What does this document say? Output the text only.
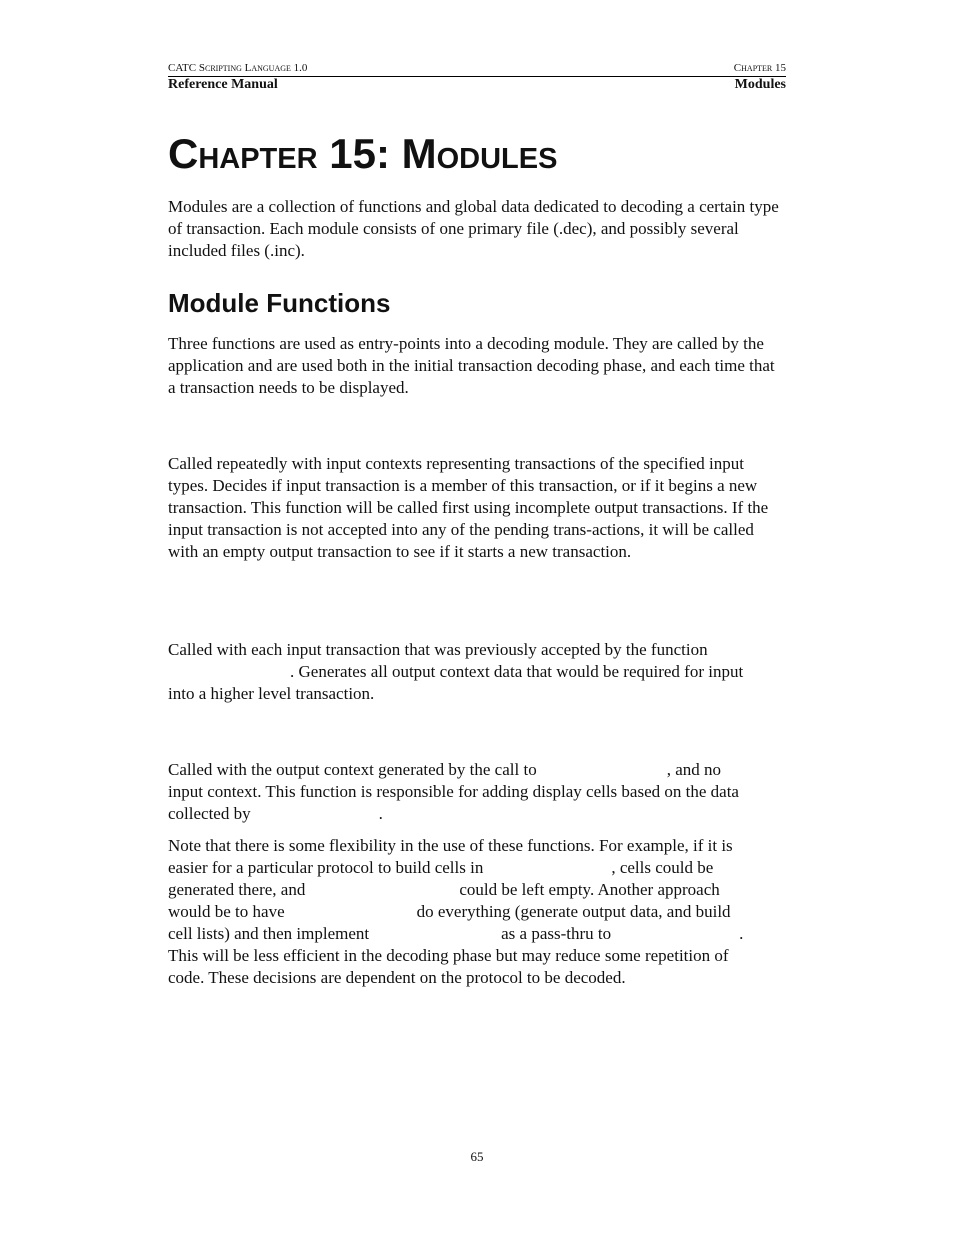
CATC Scripting Language 1.0	Chapter 15
Reference Manual	Modules
Chapter 15: Modules

Modules are a collection of functions and global data dedicated to decoding a certain type of transaction. Each module consists of one primary file (.dec), and possibly several included files (.inc).

Module Functions

Three functions are used as entry-points into a decoding module. They are called by the application and are used both in the initial transaction decoding phase, and each time that a transaction needs to be displayed.

Called repeatedly with input contexts representing transactions of the specified input types. Decides if input transaction is a member of this transaction, or if it begins a new transaction. This function will be called first using incomplete output transactions. If the input transaction is not accepted into any of the pending trans-actions, it will be called with an empty output transaction to see if it starts a new transaction.

Called with each input transaction that was previously accepted by the function
. Generates all output context data that would be required for input
into a higher level transaction.
Called with the output context generated by the call to	, and no
input context. This function is responsible for adding display cells based on the data
collected by	.
Note that there is some flexibility in the use of these functions. For example, if it is
easier for a particular protocol to build cells in	, cells could be
generated there, and	could be left empty. Another approach
would be to have	do everything (generate output data, and build
cell lists) and then implement	as a pass-thru to	.
This will be less efficient in the decoding phase but may reduce some repetition of
code. These decisions are dependent on the protocol to be decoded.
65
